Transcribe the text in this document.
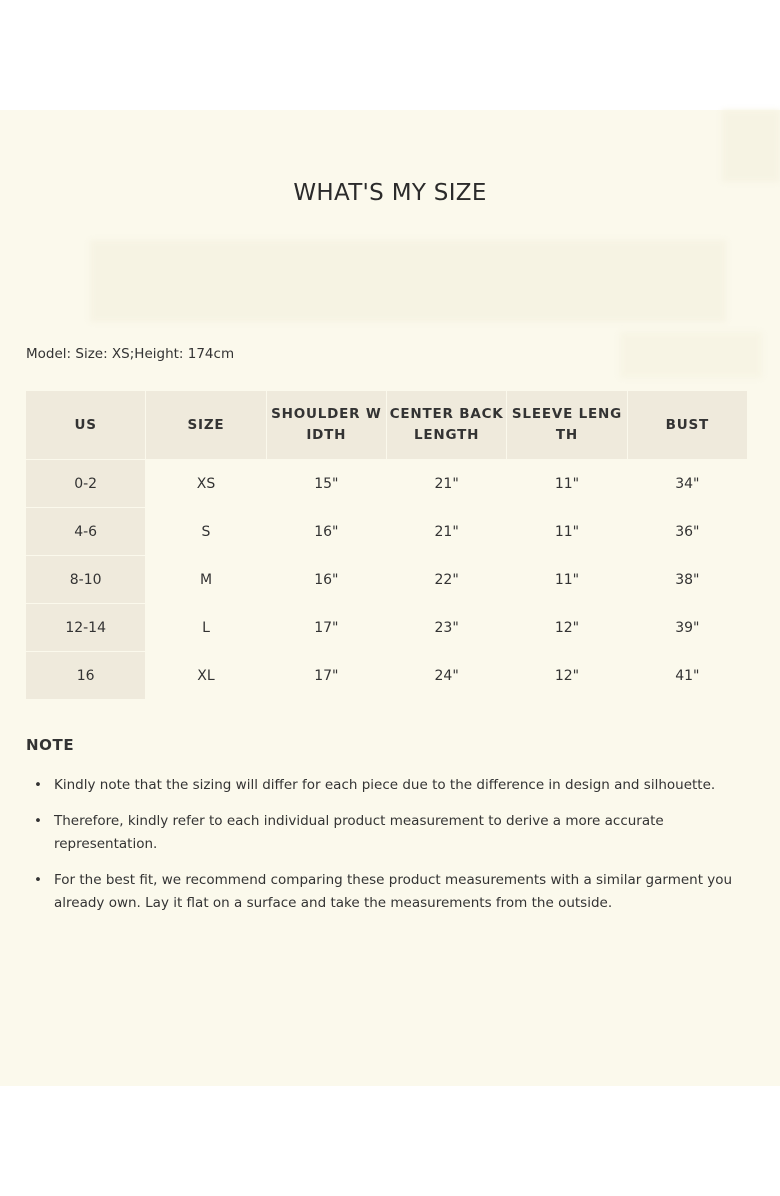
WHAT'S MY SIZE
Model: Size: XS;Height: 174cm
US	SIZE	SHOULDER WIDTH	CENTER BACK LENGTH	SLEEVE LENGTH	BUST
0-2	XS	15"	21"	11"	34"
4-6	S	16"	21"	11"	36"
8-10	M	16"	22"	11"	38"
12-14	L	17"	23"	12"	39"
16	XL	17"	24"	12"	41"
NOTE
• Kindly note that the sizing will differ for each piece due to the difference in design and silhouette.
• Therefore, kindly refer to each individual product measurement to derive a more accurate representation.
• For the best fit, we recommend comparing these product measurements with a similar garment you already own. Lay it flat on a surface and take the measurements from the outside.
